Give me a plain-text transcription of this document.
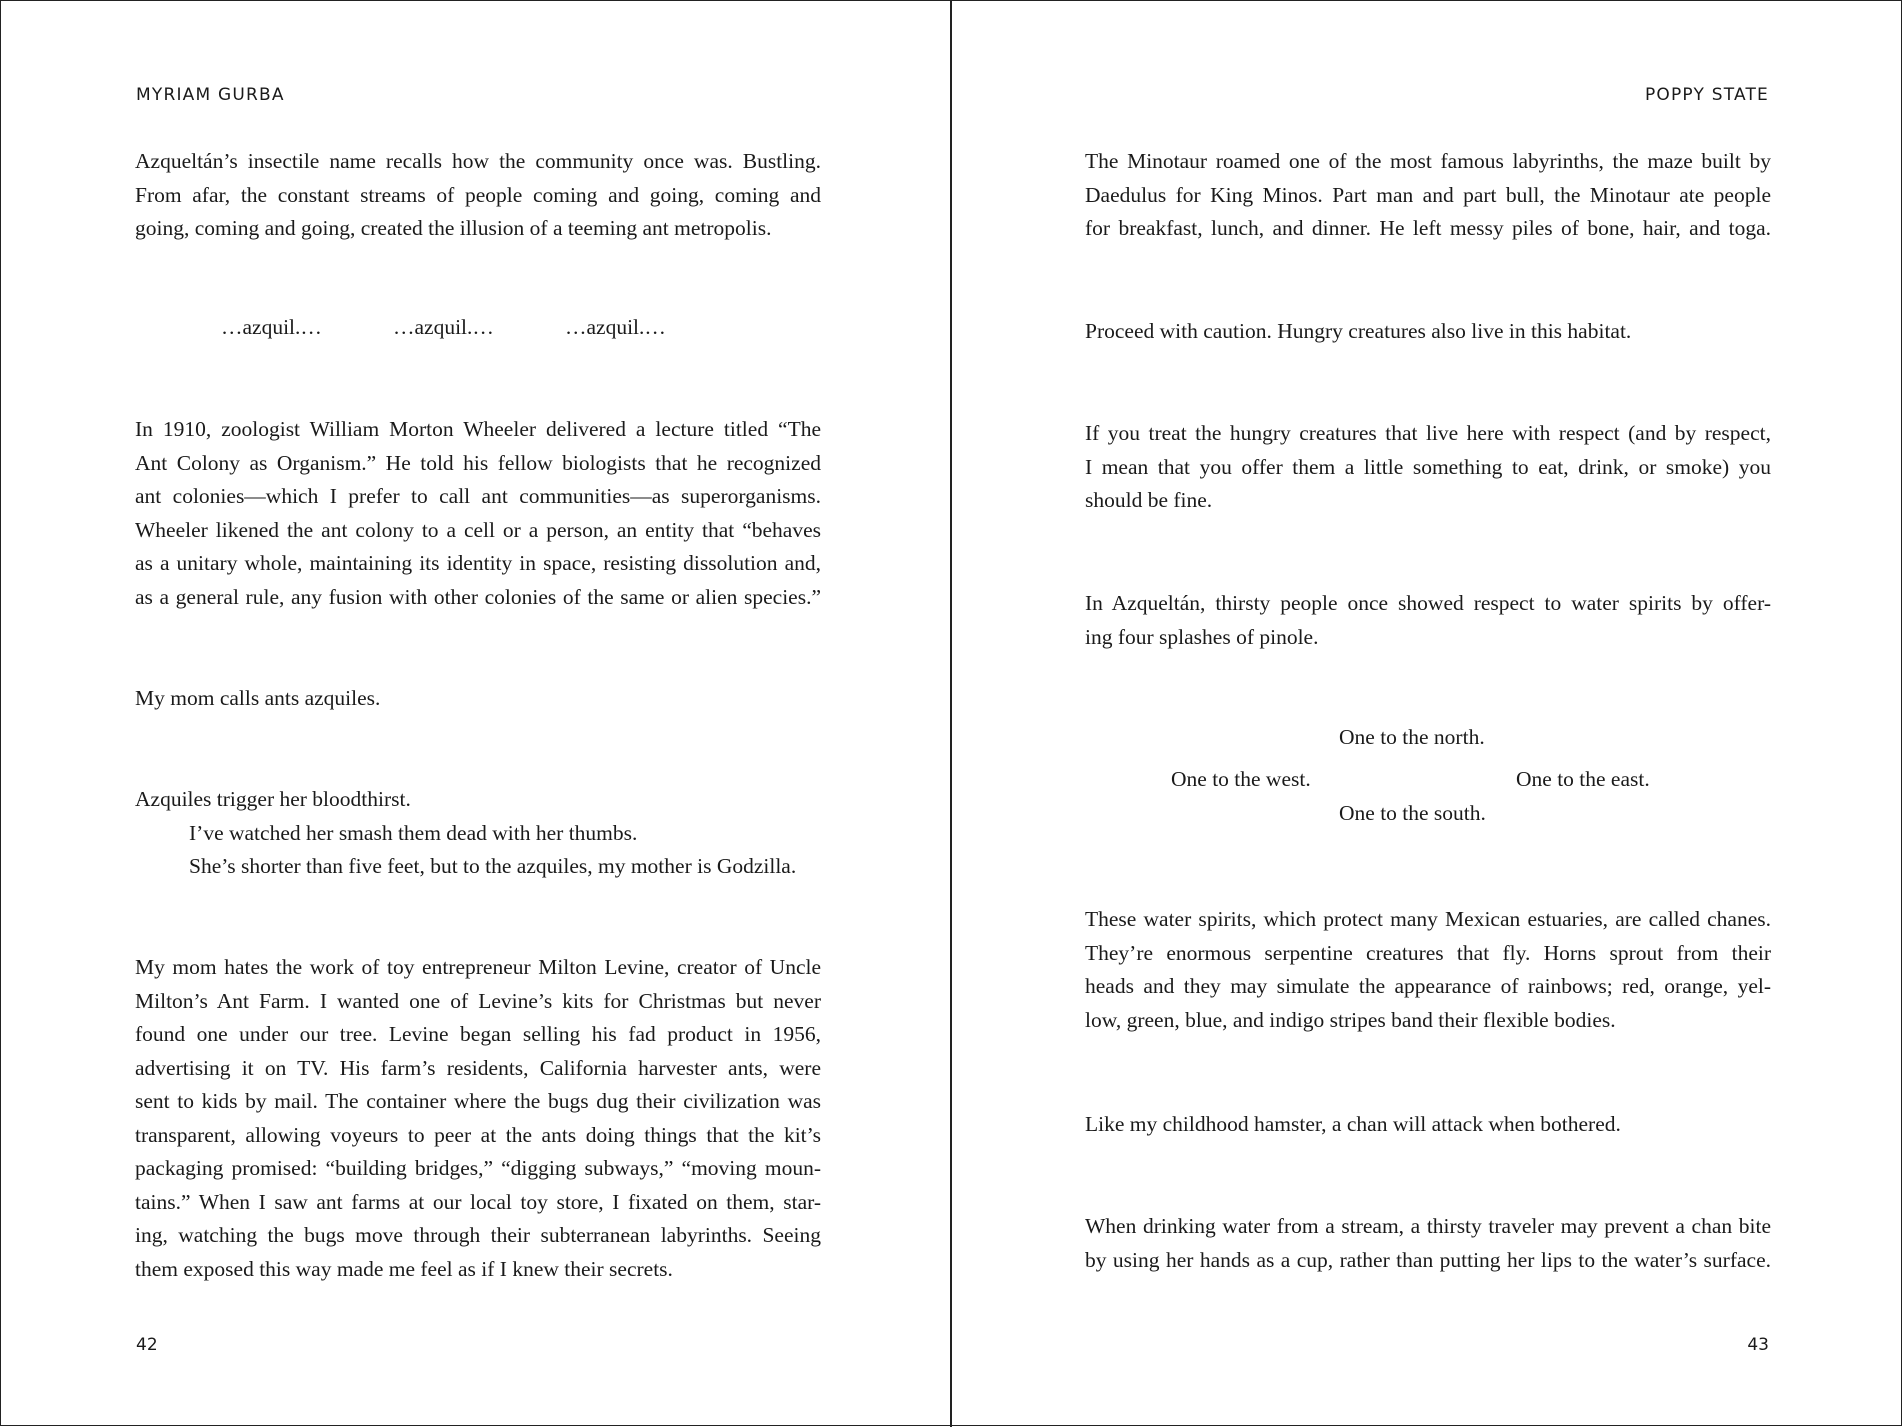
MYRIAM GURBA
Azqueltán’s insectile name recalls how the community once was. Bustling.
From afar, the constant streams of people coming and going, coming and
going, coming and going, created the illusion of a teeming ant metropolis.
…azquil.…	…azquil.…	…azquil.…
In 1910, zoologist William Morton Wheeler delivered a lecture titled “The
Ant Colony as Organism.” He told his fellow biologists that he recognized
ant colonies—which I prefer to call ant communities—as superorganisms.
Wheeler likened the ant colony to a cell or a person, an entity that “behaves
as a unitary whole, maintaining its identity in space, resisting dissolution and,
as a general rule, any fusion with other colonies of the same or alien species.”
My mom calls ants azquiles.
Azquiles trigger her bloodthirst.
I’ve watched her smash them dead with her thumbs.
She’s shorter than five feet, but to the azquiles, my mother is Godzilla.
My mom hates the work of toy entrepreneur Milton Levine, creator of Uncle
Milton’s Ant Farm. I wanted one of Levine’s kits for Christmas but never
found one under our tree. Levine began selling his fad product in 1956,
advertising it on TV. His farm’s residents, California harvester ants, were
sent to kids by mail. The container where the bugs dug their civilization was
transparent, allowing voyeurs to peer at the ants doing things that the kit’s
packaging promised: “building bridges,” “digging subways,” “moving moun-
tains.” When I saw ant farms at our local toy store, I fixated on them, star-
ing, watching the bugs move through their subterranean labyrinths. Seeing
them exposed this way made me feel as if I knew their secrets.
42
POPPY STATE
The Minotaur roamed one of the most famous labyrinths, the maze built by
Daedulus for King Minos. Part man and part bull, the Minotaur ate people
for breakfast, lunch, and dinner. He left messy piles of bone, hair, and toga.
Proceed with caution. Hungry creatures also live in this habitat.
If you treat the hungry creatures that live here with respect (and by respect,
I mean that you offer them a little something to eat, drink, or smoke) you
should be fine.
In Azqueltán, thirsty people once showed respect to water spirits by offer-
ing four splashes of pinole.
One to the north.
One to the west.	One to the east.
One to the south.
These water spirits, which protect many Mexican estuaries, are called chanes.
They’re enormous serpentine creatures that fly. Horns sprout from their
heads and they may simulate the appearance of rainbows; red, orange, yel-
low, green, blue, and indigo stripes band their flexible bodies.
Like my childhood hamster, a chan will attack when bothered.
When drinking water from a stream, a thirsty traveler may prevent a chan bite
by using her hands as a cup, rather than putting her lips to the water’s surface.
43
